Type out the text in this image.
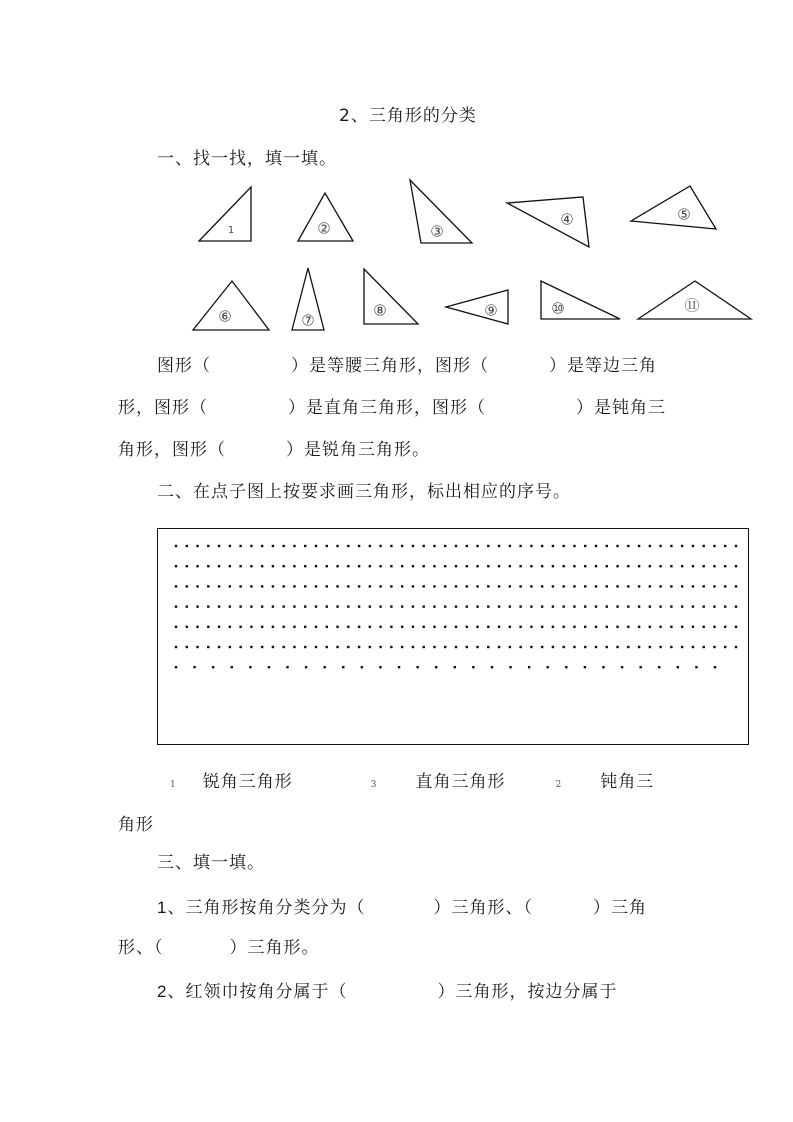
2、三角形的分类
一、找一找，填一填。
1	②	③
④	⑤
⑥	⑦
⑧	⑨	⑩	⑪
图形（	）是等腰三角形，图形（	）是等边三角
形，图形（	）是直角三角形，图形（	）是钝角三
角形，图形（	）是锐角三角形。
二、在点子图上按要求画三角形，标出相应的序号。
1 锐角三角形	3 直角三角形	2 钝角三
角形
三、填一填。
1、三角形按角分类分为（	）三角形、（	）三角
形、（	）三角形。
2、红领巾按角分属于（	）三角形，按边分属于
